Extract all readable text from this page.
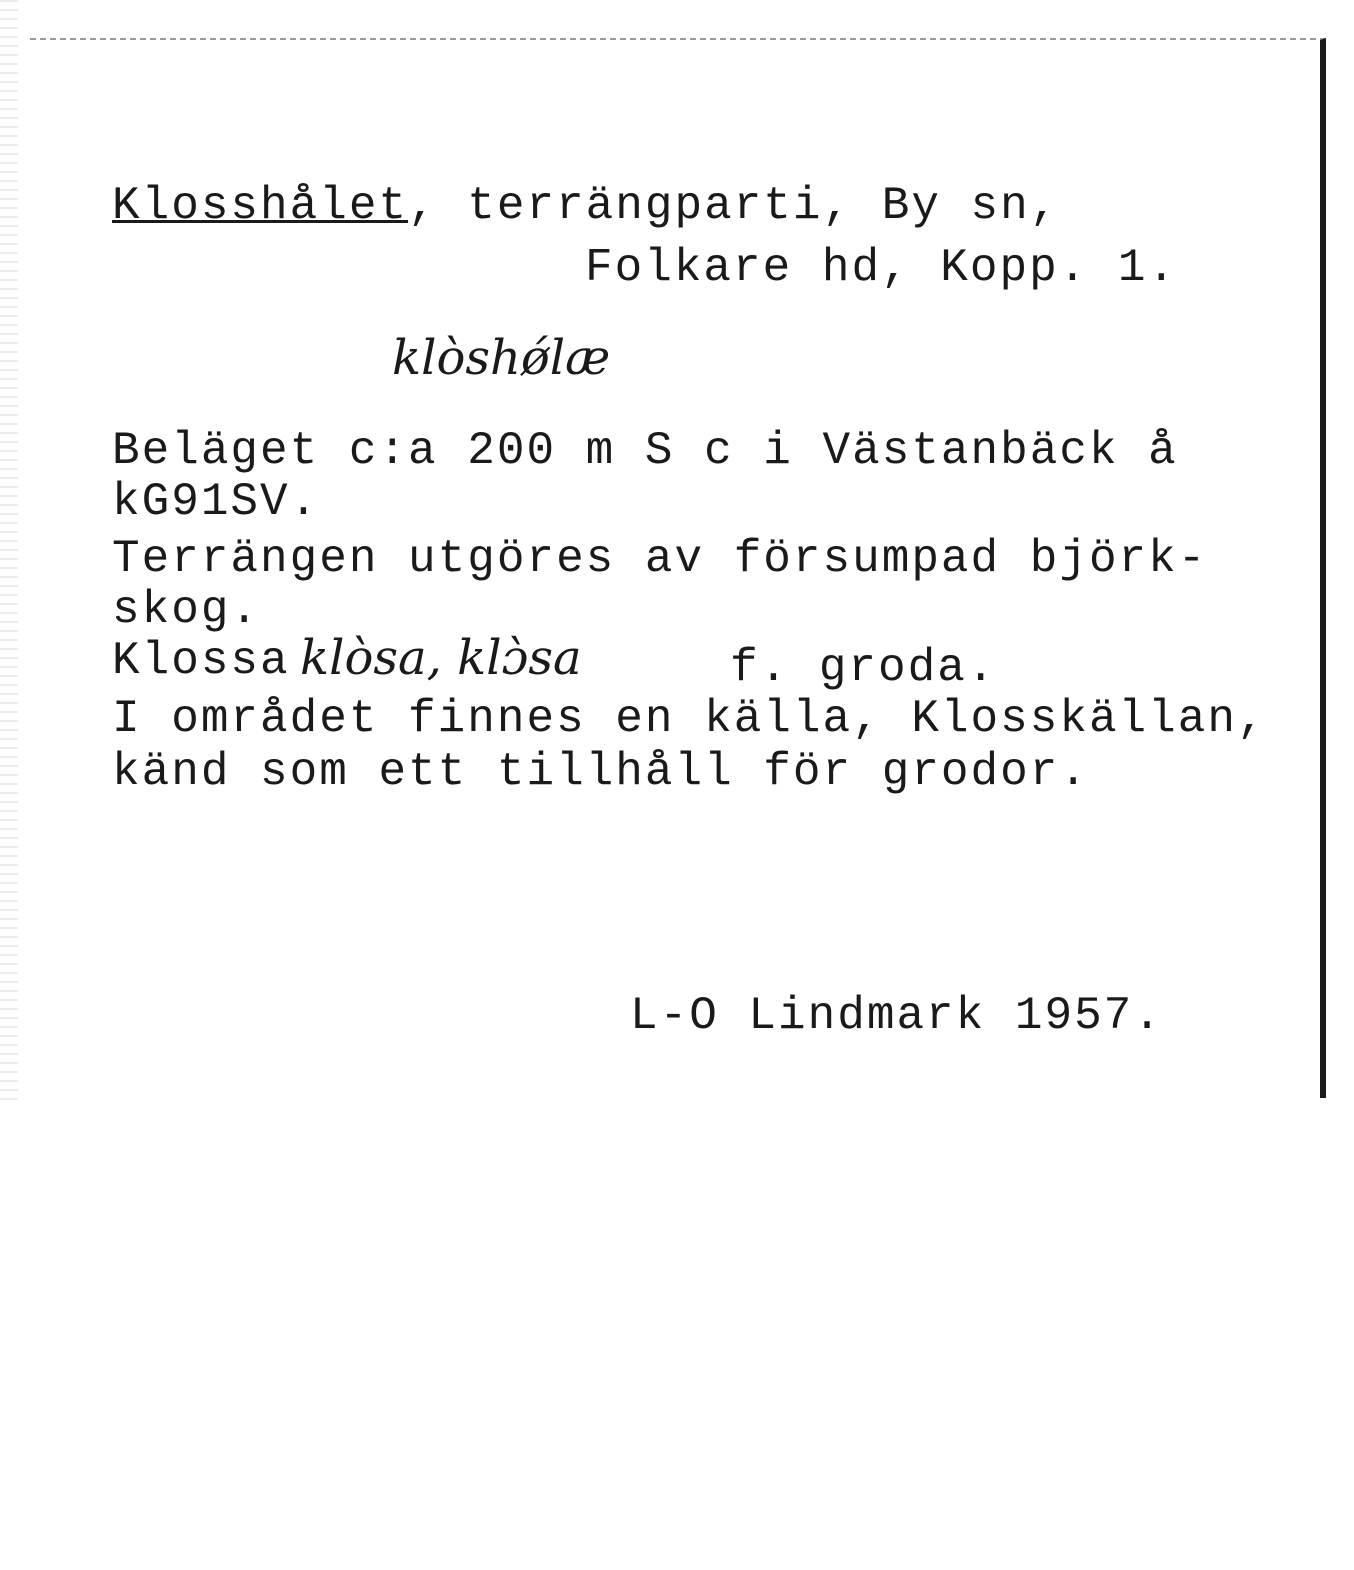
Klosshålet, terrängparti, By sn,
Folkare hd, Kopp. 1.
klòshǿlæ
Beläget c:a 200 m S c i Västanbäck å
kG91SV.
Terrängen utgöres av försumpad björk-
skog.
Klossa klòsa, klɔ̀sa	f. groda.
I området finnes en källa, Klosskällan,
känd som ett tillhåll för grodor.
L-O Lindmark 1957.
